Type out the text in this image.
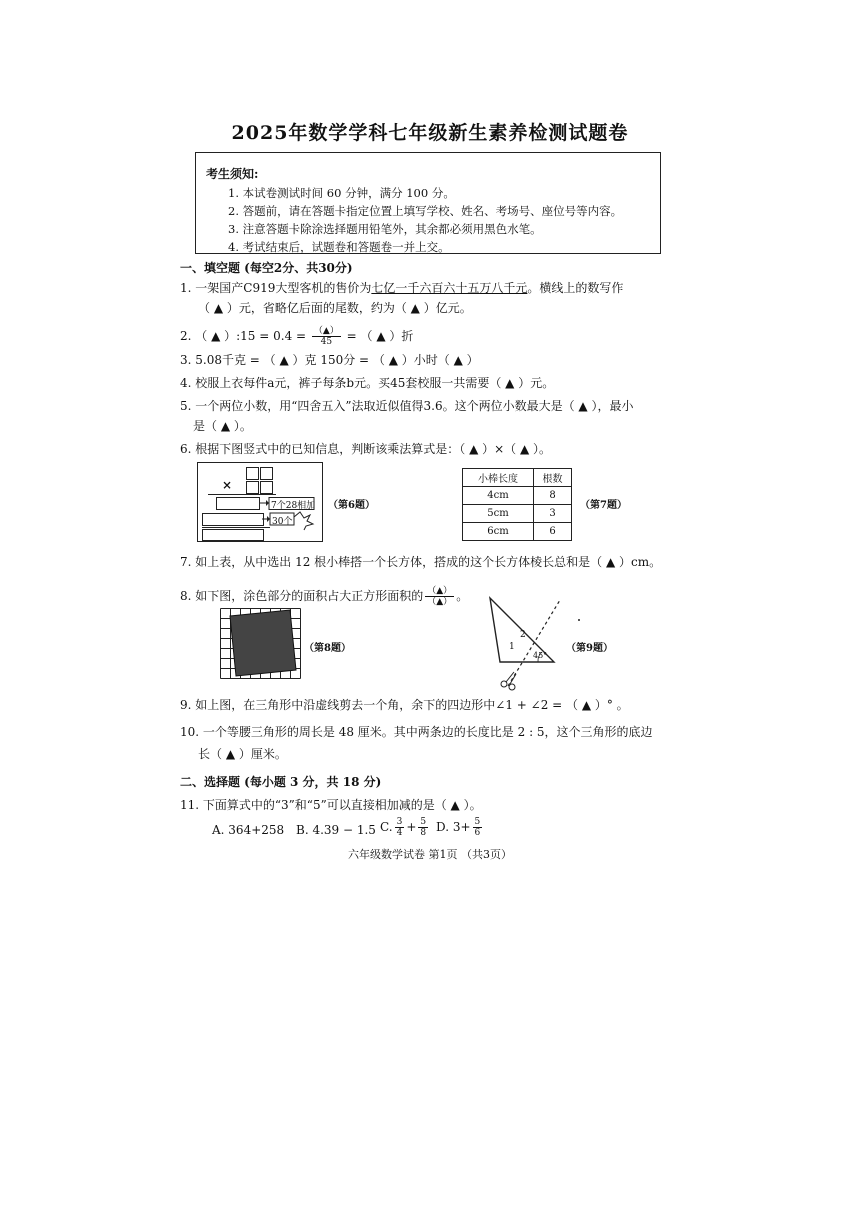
2025年数学学科七年级新生素养检测试题卷
考生须知:
1. 本试卷测试时间 60 分钟，满分 100 分。
2. 答题前，请在答题卡指定位置上填写学校、姓名、考场号、座位号等内容。
3. 注意答题卡除涂选择题用铅笔外，其余都必须用黑色水笔。
4. 考试结束后，试题卷和答题卷一并上交。
一、填空题 (每空2分、共30分)
1. 一架国产C919大型客机的售价为七亿一千六百六十五万八千元。横线上的数写作
（ ▲ ）元，省略亿后面的尾数，约为（ ▲ ）亿元。
2. （ ▲ ）:15 = $0.4 = \frac{(▲)}{45}$ = （ ▲ ）折
3. 5.08千克 = （ ▲ ）克 150分 = （ ▲ ）小时（ ▲ ）
4. 校服上衣每件a元，裤子每条b元。买45套校服一共需要（ ▲ ）元。
5. 一个两位小数，用“四舍五入”法取近似值得3.6。这个两位小数最大是（ ▲ ），最小
是（ ▲ ）。
6. 根据下图竖式中的已知信息，判断该乘法算式是：（ ▲ ）×（ ▲ ）。
×
7个28相加
30个
（第6题）
小棒长度	根数
4cm	8
5cm	3
6cm	6
（第7题）
7. 如上表，从中选出 12 根小棒搭一个长方体，搭成的这个长方体棱长总和是（ ▲ ）cm。
8. 如下图，涂色部分的面积占大正方形面积的 $\frac{(▲)}{(▲)}$ 。
（第8题）	1
2
45°
（第9题）
9. 如上图，在三角形中沿虚线剪去一个角，余下的四边形中∠1 + ∠2 = （ ▲ ）° 。
10. 一个等腰三角形的周长是 48 厘米。其中两条边的长度比是 2 : 5，这个三角形的底边
长（ ▲ ）厘米。
二、选择题 (每小题 3 分，共 18 分)
11. 下面算式中的“3”和“5”可以直接相加减的是（ ▲ ）。
A. 364+258 B. 4.39 − 1.5 C. $\frac{3}{4} + \frac{5}{8} D$. $3+ \frac{5}{6}$
六年级数学试卷 第1页 （共3页）
